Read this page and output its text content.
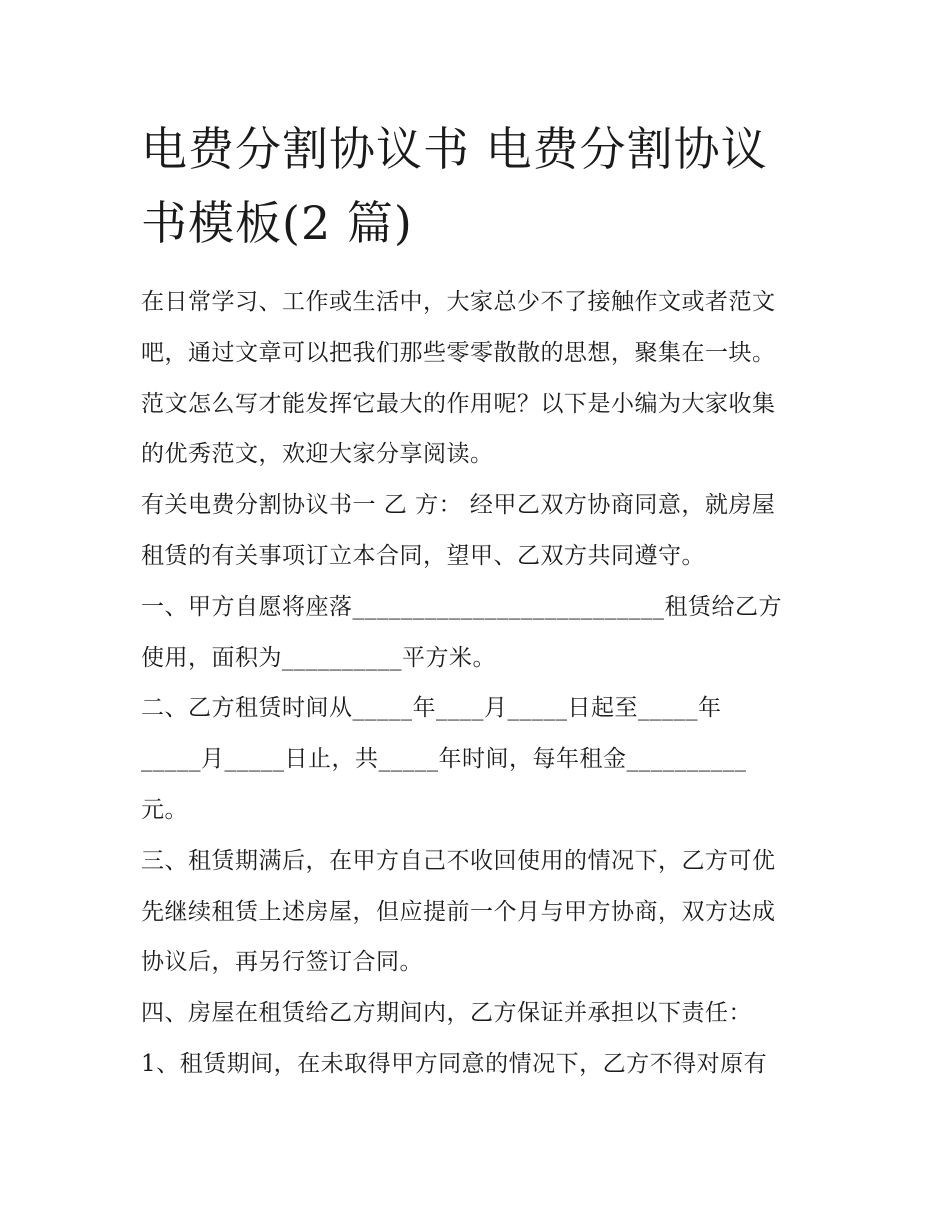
电费分割协议书 电费分割协议
书模板(2 篇)
在日常学习、工作或生活中，大家总少不了接触作文或者范文
吧，通过文章可以把我们那些零零散散的思想，聚集在一块。
范文怎么写才能发挥它最大的作用呢？以下是小编为大家收集
的优秀范文，欢迎大家分享阅读。
有关电费分割协议书一 乙 方： 经甲乙双方协商同意，就房屋
租赁的有关事项订立本合同，望甲、乙双方共同遵守。
一、甲方自愿将座落__________________________租赁给乙方
使用，面积为__________平方米。
二、乙方租赁时间从_____年____月_____日起至_____年
_____月_____日止，共_____年时间，每年租金__________
元。
三、租赁期满后，在甲方自己不收回使用的情况下，乙方可优
先继续租赁上述房屋，但应提前一个月与甲方协商，双方达成
协议后，再另行签订合同。
四、房屋在租赁给乙方期间内，乙方保证并承担以下责任：
1、租赁期间，在未取得甲方同意的情况下，乙方不得对原有
